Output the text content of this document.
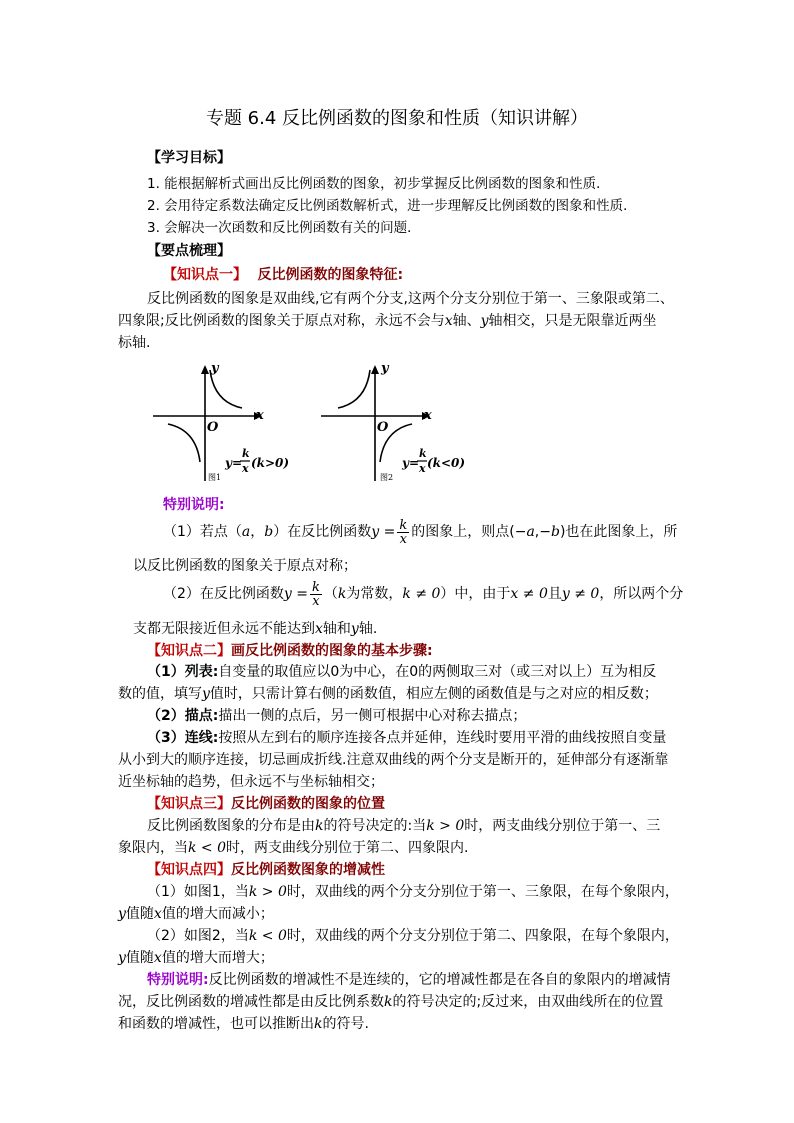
专题 6.4 反比例函数的图象和性质（知识讲解）
【学习目标】
1. 能根据解析式画出反比例函数的图象，初步掌握反比例函数的图象和性质．
2. 会用待定系数法确定反比例函数解析式，进一步理解反比例函数的图象和性质．
3. 会解决一次函数和反比例函数有关的问题．
【要点梳理】
【知识点一】 反比例函数的图象特征:
反比例函数的图象是双曲线,它有两个分支,这两个分支分别位于第一、三象限或第二、
四象限;反比例函数的图象关于原点对称，永远不会与x轴、y轴相交，只是无限靠近两坐
标轴.
y
x
O
y=
k
x (k>0)
图1
y
x
O
y=
k
x (k<0)
图2
特别说明:
（1）若点（a，b）在反比例函数$y = \frac{k}{x}$ 的图象上，则点(−a,−b)也在此图象上，所
以反比例函数的图象关于原点对称；
（2）在反比例函数$y = \frac{k}{x} (k$为常数，k ≠ 0）中，由于x ≠ 0且y ≠ 0，所以两个分
支都无限接近但永远不能达到x轴和y轴.
【知识点二】画反比例函数的图象的基本步骤:
（1）列表:自变量的取值应以0为中心，在0的两侧取三对（或三对以上）互为相反
数的值，填写y值时，只需计算右侧的函数值，相应左侧的函数值是与之对应的相反数；
（2）描点:描出一侧的点后，另一侧可根据中心对称去描点；
（3）连线:按照从左到右的顺序连接各点并延伸，连线时要用平滑的曲线按照自变量
从小到大的顺序连接，切忌画成折线.注意双曲线的两个分支是断开的，延伸部分有逐渐靠
近坐标轴的趋势，但永远不与坐标轴相交；
【知识点三】反比例函数的图象的位置
反比例函数图象的分布是由k的符号决定的:当k > 0时，两支曲线分别位于第一、三
象限内，当k < 0时，两支曲线分别位于第二、四象限内.
【知识点四】反比例函数图象的增减性
（1）如图1，当k > 0时，双曲线的两个分支分别位于第一、三象限，在每个象限内，
y值随x值的增大而减小；
（2）如图2，当k < 0时，双曲线的两个分支分别位于第二、四象限，在每个象限内，
y值随x值的增大而增大；
特别说明:反比例函数的增减性不是连续的，它的增减性都是在各自的象限内的增减情
况，反比例函数的增减性都是由反比例系数k的符号决定的;反过来，由双曲线所在的位置
和函数的增减性，也可以推断出k的符号.
